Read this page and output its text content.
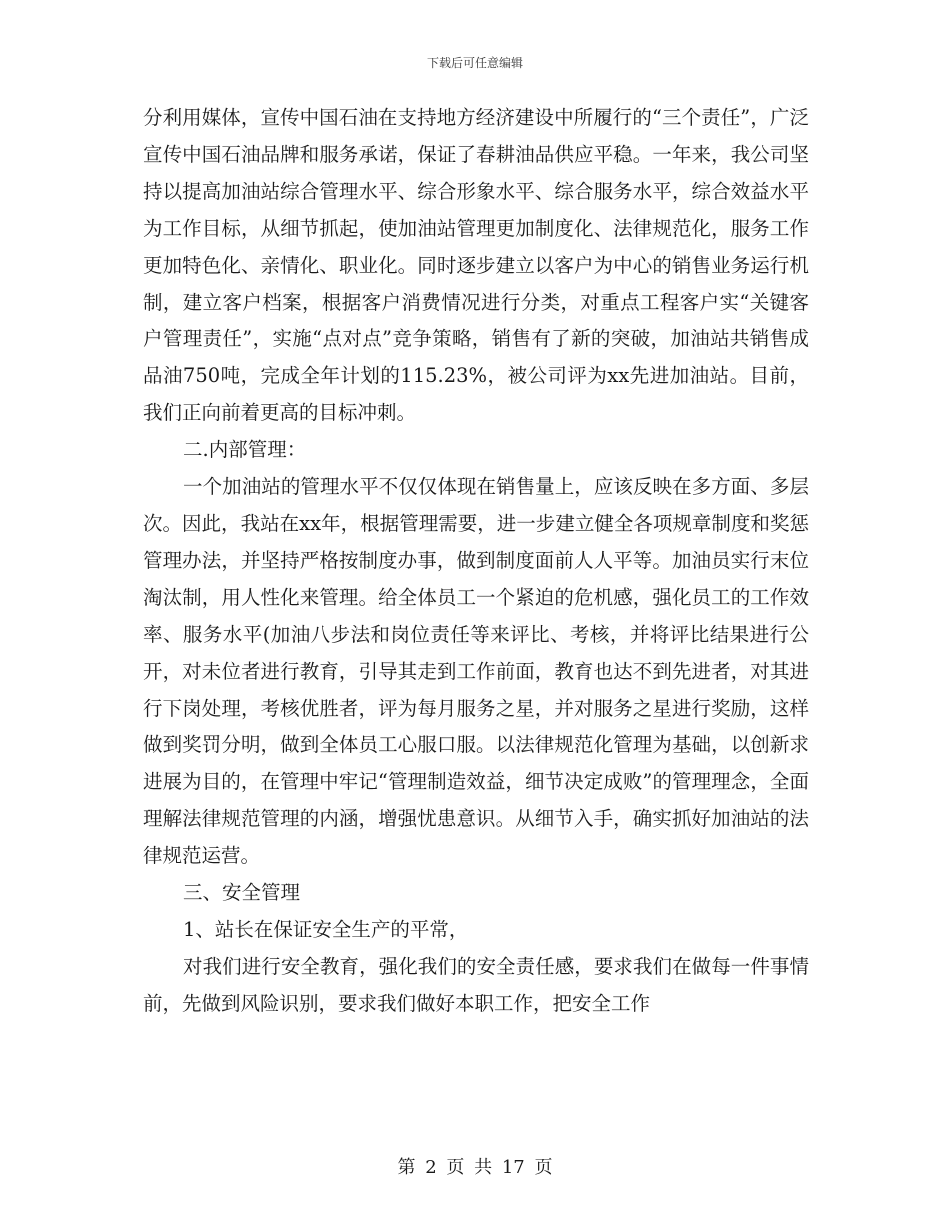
下载后可任意编辑

分利用媒体，宣传中国石油在支持地方经济建设中所履行的“三个责任”，广泛宣传中国石油品牌和服务承诺，保证了春耕油品供应平稳。一年来，我公司坚持以提高加油站综合管理水平、综合形象水平、综合服务水平，综合效益水平为工作目标，从细节抓起，使加油站管理更加制度化、法律规范化，服务工作更加特色化、亲情化、职业化。同时逐步建立以客户为中心的销售业务运行机制，建立客户档案，根据客户消费情况进行分类，对重点工程客户实“关键客户管理责任”，实施“点对点”竞争策略，销售有了新的突破，加油站共销售成品油750吨，完成全年计划的115.23%，被公司评为xx先进加油站。目前，我们正向前着更高的目标冲刺。

二.内部管理：

一个加油站的管理水平不仅仅体现在销售量上，应该反映在多方面、多层次。因此，我站在xx年，根据管理需要，进一步建立健全各项规章制度和奖惩管理办法，并坚持严格按制度办事，做到制度面前人人平等。加油员实行末位淘汰制，用人性化来管理。给全体员工一个紧迫的危机感，强化员工的工作效率、服务水平(加油八步法和岗位责任等来评比、考核，并将评比结果进行公开，对未位者进行教育，引导其走到工作前面，教育也达不到先进者，对其进行下岗处理，考核优胜者，评为每月服务之星，并对服务之星进行奖励，这样做到奖罚分明，做到全体员工心服口服。以法律规范化管理为基础，以创新求进展为目的，在管理中牢记“管理制造效益，细节决定成败”的管理理念，全面理解法律规范管理的内涵，增强忧患意识。从细节入手，确实抓好加油站的法律规范运营。

三、安全管理

1、站长在保证安全生产的平常，

对我们进行安全教育，强化我们的安全责任感，要求我们在做每一件事情前，先做到风险识别，要求我们做好本职工作，把安全工作

第 2 页 共 17 页
